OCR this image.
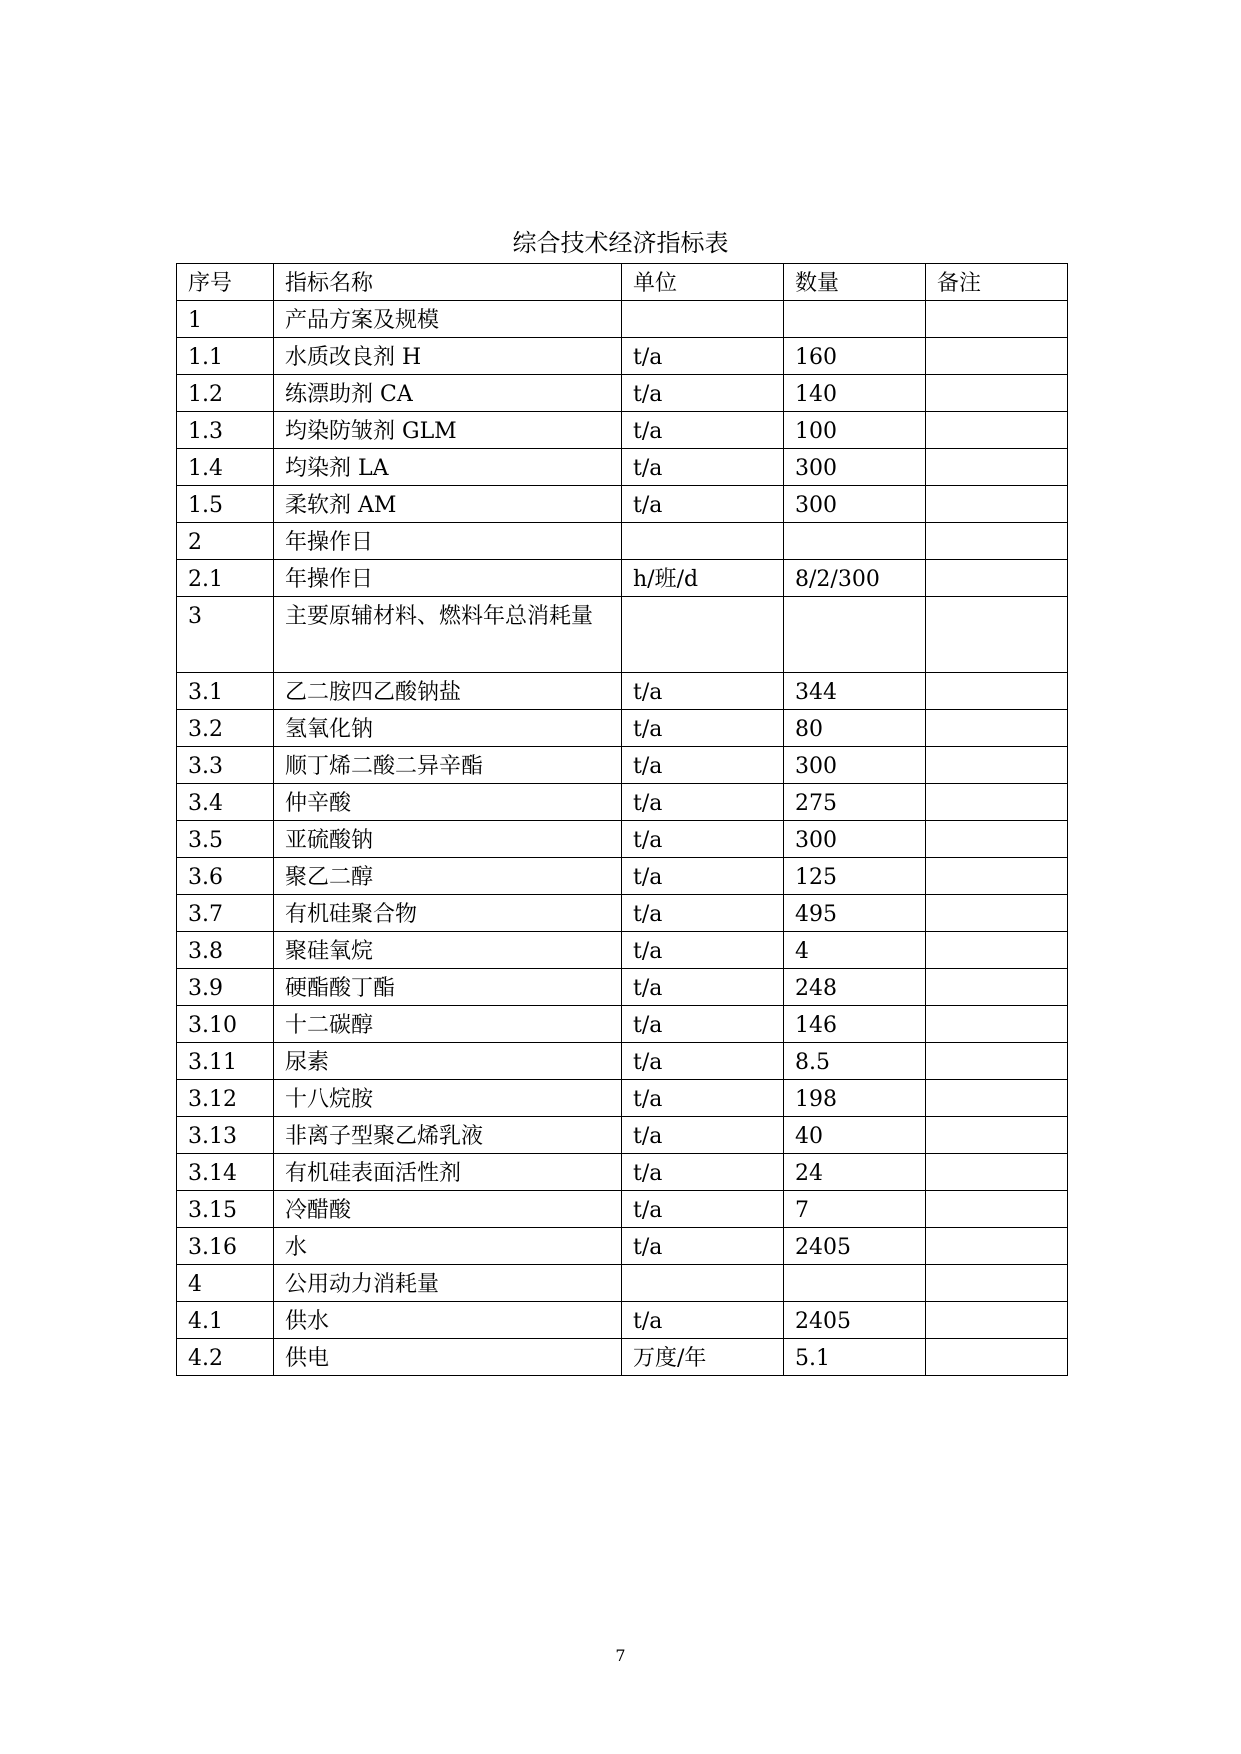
综合技术经济指标表
序号	指标名称	单位	数量	备注
1	产品方案及规模			
1.1	水质改良剂 H	t/a	160	
1.2	练漂助剂 CA	t/a	140	
1.3	均染防皱剂 GLM	t/a	100	
1.4	均染剂 LA	t/a	300	
1.5	柔软剂 AM	t/a	300	
2	年操作日			
2.1	年操作日	h/班/d	8/2/300	
3	主要原辅材料、燃料年总消耗量			
3.1	乙二胺四乙酸钠盐	t/a	344	
3.2	氢氧化钠	t/a	80	
3.3	顺丁烯二酸二异辛酯	t/a	300	
3.4	仲辛酸	t/a	275	
3.5	亚硫酸钠	t/a	300	
3.6	聚乙二醇	t/a	125	
3.7	有机硅聚合物	t/a	495	
3.8	聚硅氧烷	t/a	4	
3.9	硬酯酸丁酯	t/a	248	
3.10	十二碳醇	t/a	146	
3.11	尿素	t/a	8.5	
3.12	十八烷胺	t/a	198	
3.13	非离子型聚乙烯乳液	t/a	40	
3.14	有机硅表面活性剂	t/a	24	
3.15	冷醋酸	t/a	7	
3.16	水	t/a	2405	
4	公用动力消耗量			
4.1	供水	t/a	2405	
4.2	供电	万度/年	5.1	
7
